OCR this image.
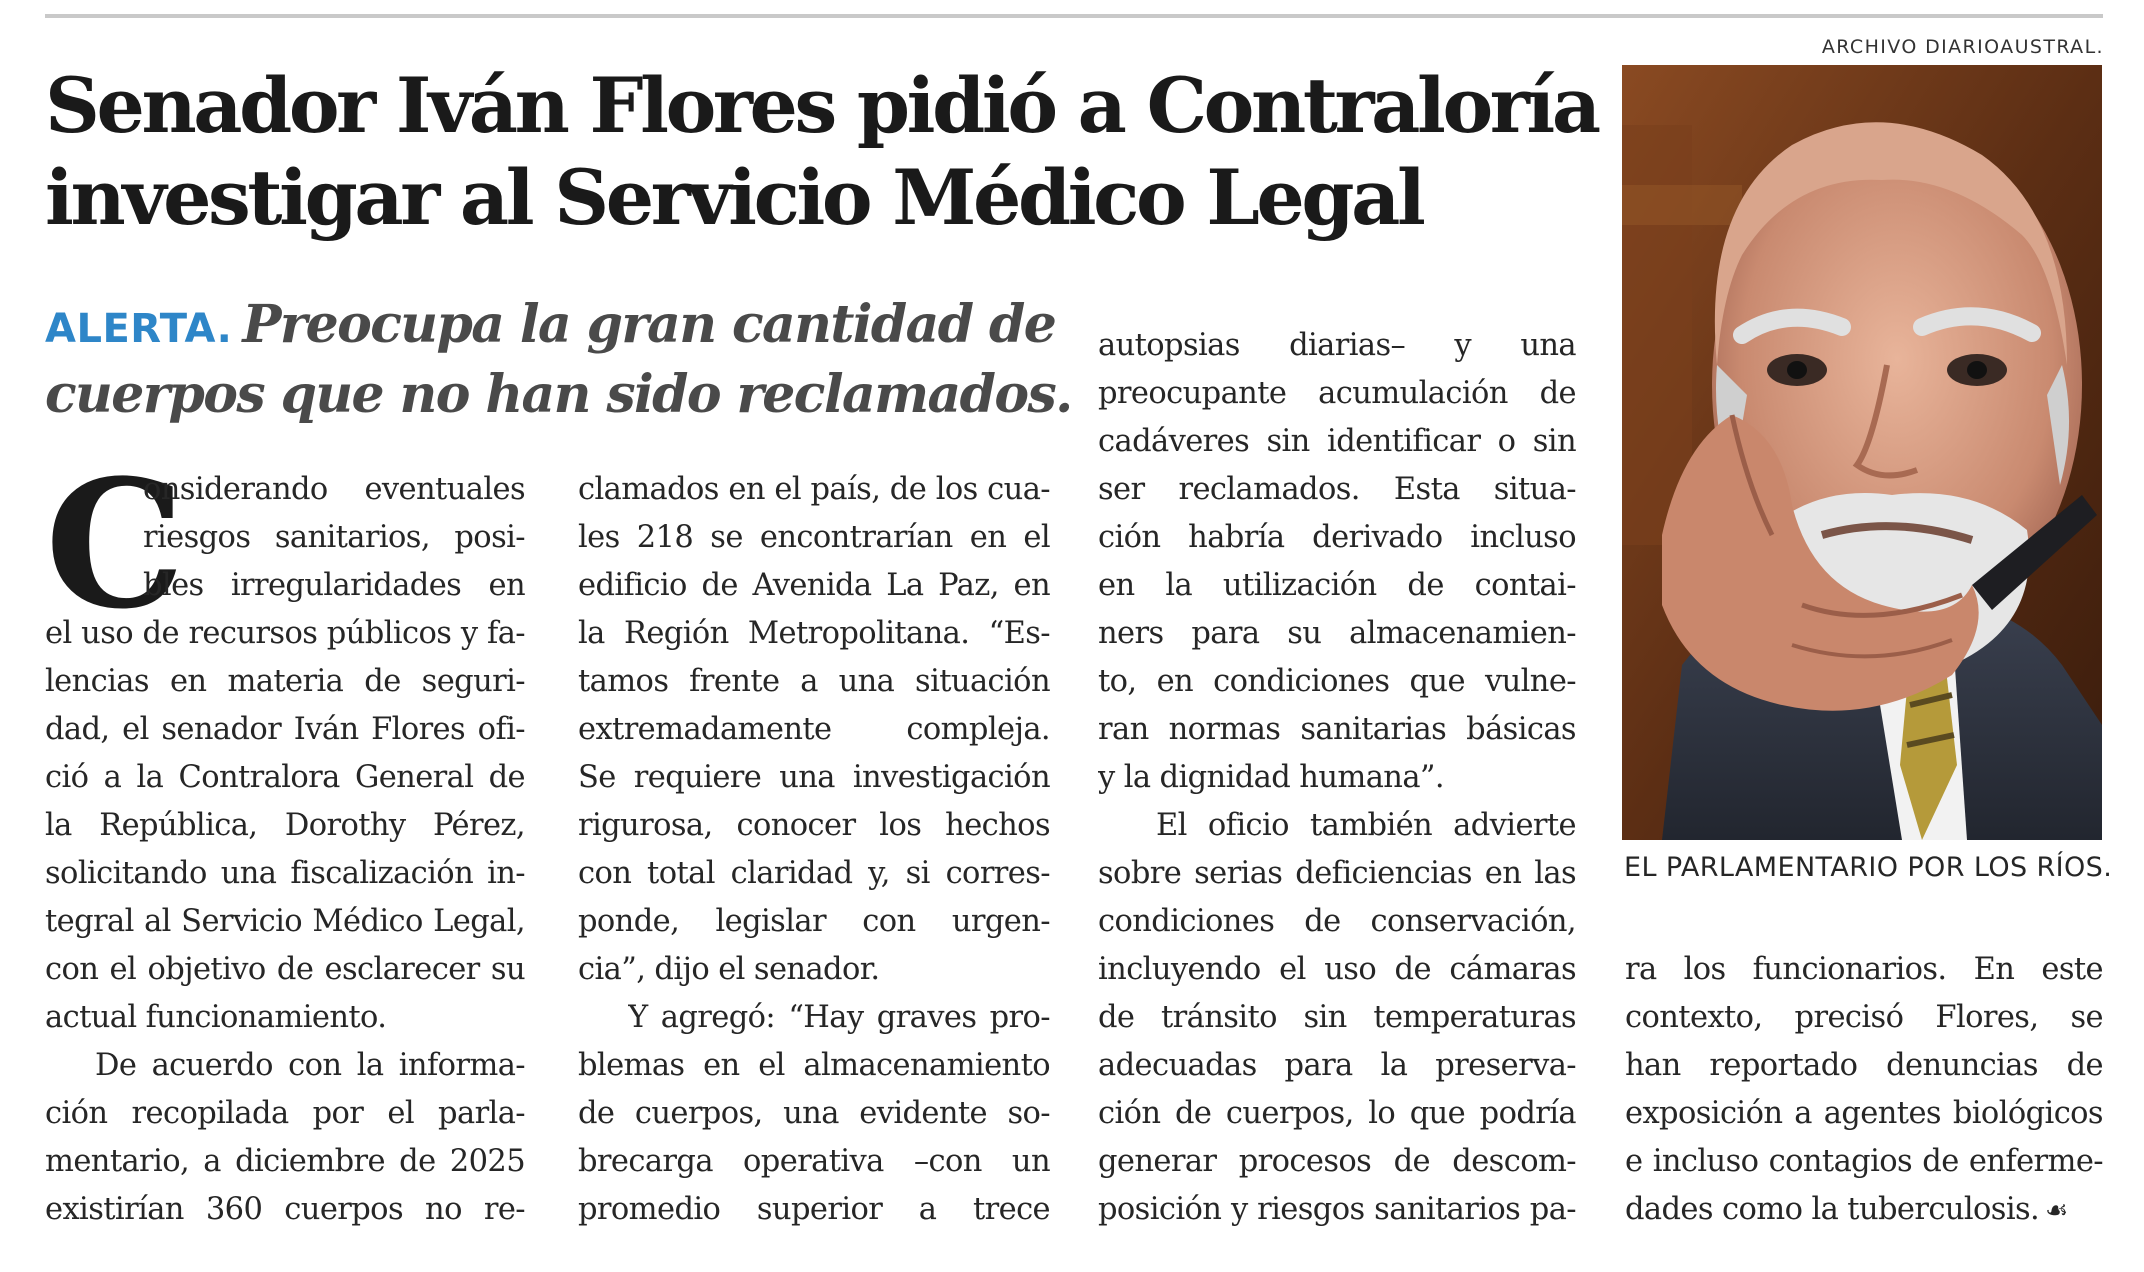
Senador Iván Flores pidió a Contraloría
investigar al Servicio Médico Legal
ALERTA. Preocupa la gran cantidad de
cuerpos que no han sido reclamados.
C
onsiderando eventuales
riesgos sanitarios, posi-
bles irregularidades en
el uso de recursos públicos y fa-
lencias en materia de seguri-
dad, el senador Iván Flores ofi-
ció a la Contralora General de
la República, Dorothy Pérez,
solicitando una fiscalización in-
tegral al Servicio Médico Legal,
con el objetivo de esclarecer su
actual funcionamiento.
De acuerdo con la informa-
ción recopilada por el parla-
mentario, a diciembre de 2025
existirían 360 cuerpos no re-
clamados en el país, de los cua-
les 218 se encontrarían en el
edificio de Avenida La Paz, en
la Región Metropolitana. “Es-
tamos frente a una situación
extremadamente compleja.
Se requiere una investigación
rigurosa, conocer los hechos
con total claridad y, si corres-
ponde, legislar con urgen-
cia”, dijo el senador.
Y agregó: “Hay graves pro-
blemas en el almacenamiento
de cuerpos, una evidente so-
brecarga operativa –con un
promedio superior a trece
autopsias diarias– y una
preocupante acumulación de
cadáveres sin identificar o sin
ser reclamados. Esta situa-
ción habría derivado incluso
en la utilización de contai-
ners para su almacenamien-
to, en condiciones que vulne-
ran normas sanitarias básicas
y la dignidad humana”.
El oficio también advierte
sobre serias deficiencias en las
condiciones de conservación,
incluyendo el uso de cámaras
de tránsito sin temperaturas
adecuadas para la preserva-
ción de cuerpos, lo que podría
generar procesos de descom-
posición y riesgos sanitarios pa-
ra los funcionarios. En este
contexto, precisó Flores, se
han reportado denuncias de
exposición a agentes biológicos
e incluso contagios de enferme-
dades como la tuberculosis. ☙
ARCHIVO DIARIOAUSTRAL.
EL PARLAMENTARIO POR LOS RÍOS.
